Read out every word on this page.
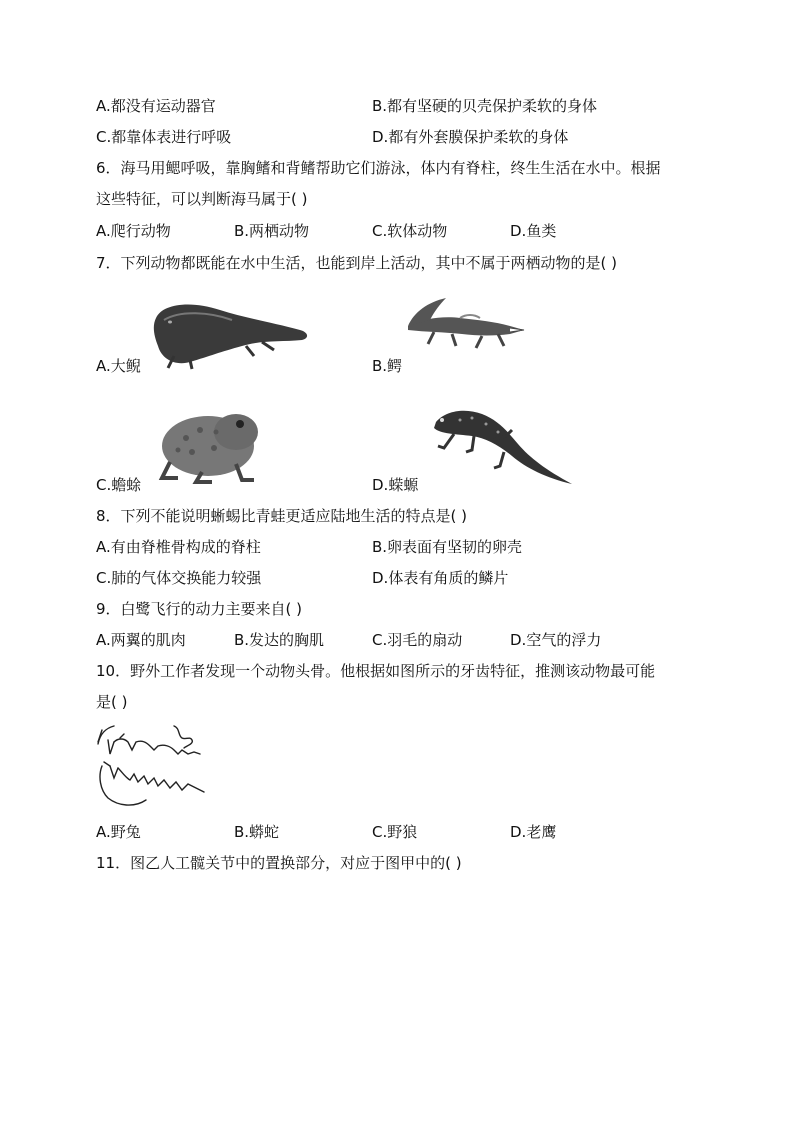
A.都没有运动器官	B.都有坚硬的贝壳保护柔软的身体
C.都靠体表进行呼吸	D.都有外套膜保护柔软的身体
6．海马用鳃呼吸，靠胸鳍和背鳍帮助它们游泳，体内有脊柱，终生生活在水中。根据
这些特征，可以判断海马属于( )
A.爬行动物	B.两栖动物	C.软体动物	D.鱼类
7．下列动物都既能在水中生活，也能到岸上活动，其中不属于两栖动物的是( )
A.大鲵	B.鳄
C.蟾蜍	D.蝾螈
8．下列不能说明蜥蜴比青蛙更适应陆地生活的特点是( )
A.有由脊椎骨构成的脊柱	B.卵表面有坚韧的卵壳
C.肺的气体交换能力较强	D.体表有角质的鳞片
9．白鹭飞行的动力主要来自( )
A.两翼的肌肉	B.发达的胸肌	C.羽毛的扇动	D.空气的浮力
10．野外工作者发现一个动物头骨。他根据如图所示的牙齿特征，推测该动物最可能
是( )
A.野兔	B.蟒蛇	C.野狼	D.老鹰
11．图乙人工髋关节中的置换部分，对应于图甲中的( )
